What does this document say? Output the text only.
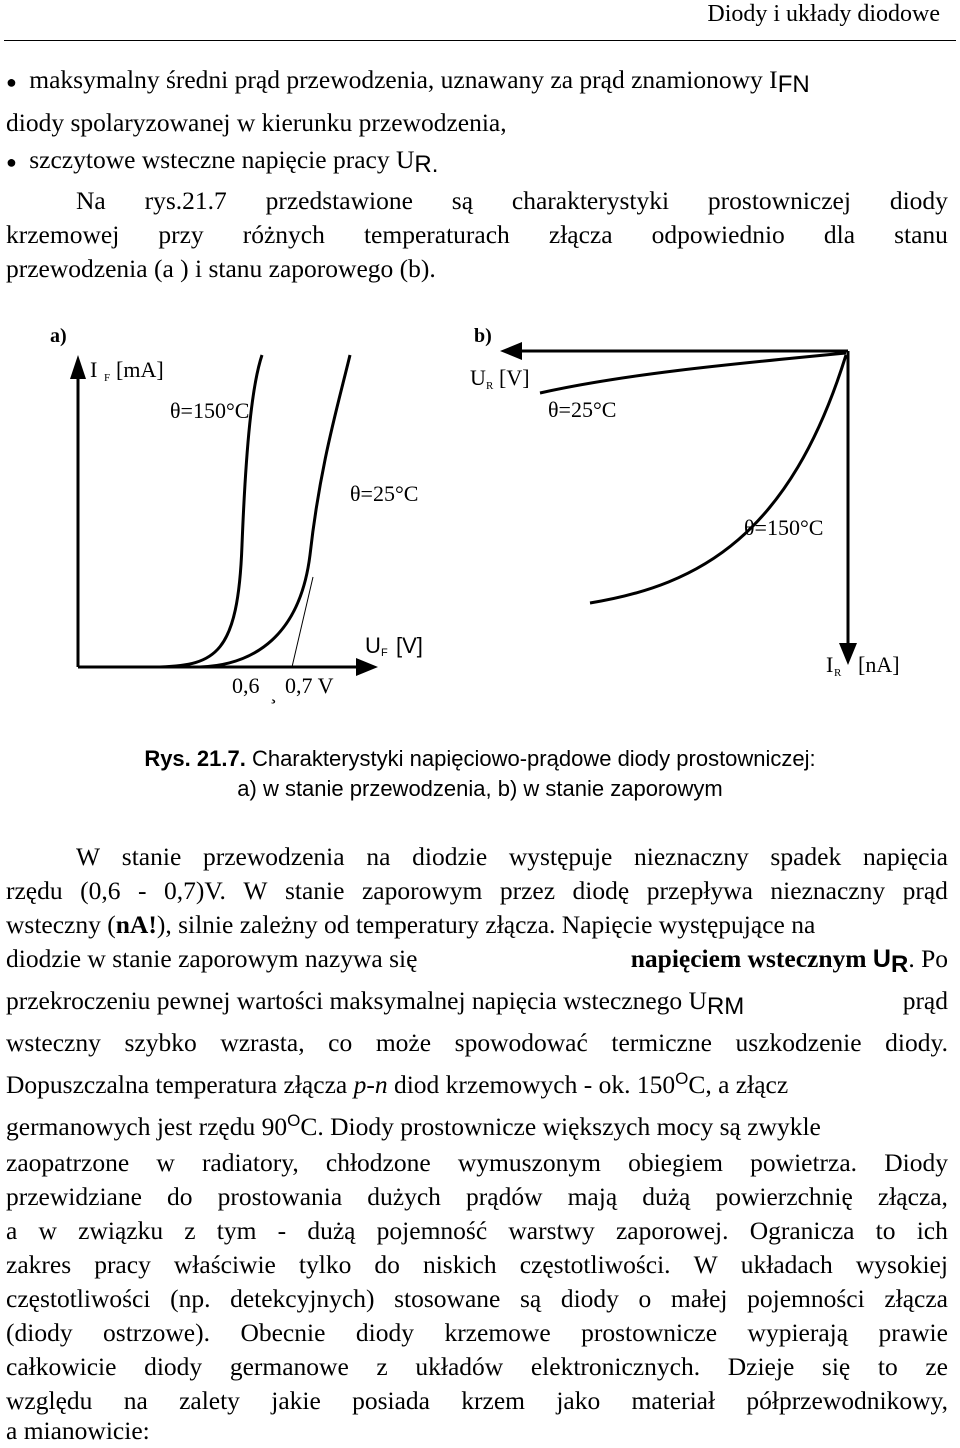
Diody i układy diodowe
● maksymalny średni prąd przewodzenia, uznawany za prąd znamionowy IFN
diody spolaryzowanej w kierunku przewodzenia,
● szczytowe wsteczne napięcie pracy UR.
Na rys.21.7 przedstawione są charakterystyki prostowniczej diody
krzemowej przy różnych temperaturach złącza odpowiednio dla stanu
przewodzenia (a ) i stanu zaporowego (b).
a)
I F [mA]
θ=150°C
θ=25°C
U F [V]
0,6 ¸ 0,7 V
b)
U R [V]
θ=25°C
θ=150°C
I R [nA]
Rys. 21.7. Charakterystyki napięciowo-prądowe diody prostowniczej:
a) w stanie przewodzenia, b) w stanie zaporowym
W stanie przewodzenia na diodzie występuje nieznaczny spadek napięcia
rzędu (0,6 - 0,7)V. W stanie zaporowym przez diodę przepływa nieznaczny prąd
wsteczny (nA!), silnie zależny od temperatury złącza. Napięcie występujące na
diodzie w stanie zaporowym nazywa się	napięciem wstecznym UR. Po
przekroczeniu pewnej wartości maksymalnej napięcia wstecznego URM	prąd
wsteczny szybko wzrasta, co może spowodować termiczne uszkodzenie diody.
Dopuszczalna temperatura złącza p-n diod krzemowych - ok. $150^OC$, a złącz
germanowych jest rzędu $90^OC$. Diody prostownicze większych mocy są zwykle
zaopatrzone w radiatory, chłodzone wymuszonym obiegiem powietrza. Diody
przewidziane do prostowania dużych prądów mają dużą powierzchnię złącza,
a w związku z tym - dużą pojemność warstwy zaporowej. Ogranicza to ich
zakres pracy właściwie tylko do niskich częstotliwości. W układach wysokiej
częstotliwości (np. detekcyjnych) stosowane są diody o małej pojemności złącza
(diody ostrzowe). Obecnie diody krzemowe prostownicze wypierają prawie
całkowicie diody germanowe z układów elektronicznych. Dzieje się to ze
względu na zalety jakie posiada krzem jako materiał półprzewodnikowy,
a mianowicie:
